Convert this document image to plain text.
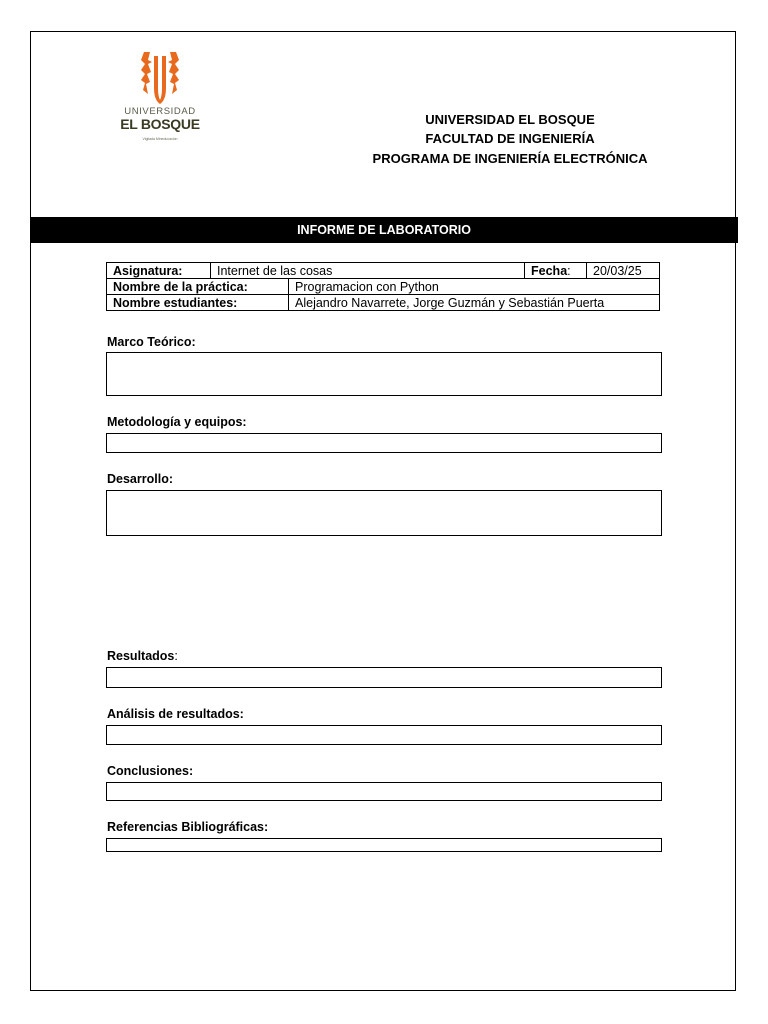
UNIVERSIDAD
EL BOSQUE
Vigilada Mineducación
UNIVERSIDAD EL BOSQUE
FACULTAD DE INGENIERÍA
PROGRAMA DE INGENIERÍA ELECTRÓNICA
INFORME DE LABORATORIO
Asignatura:	Internet de las cosas		Fecha:	20/03/25
Nombre de la práctica:		Programacion con Python		
Nombre estudiantes:		Alejandro Navarrete, Jorge Guzmán y Sebastián Puerta		
Marco Teórico:
Metodología y equipos:
Desarrollo:
Resultados:
Análisis de resultados:
Conclusiones:
Referencias Bibliográficas:
